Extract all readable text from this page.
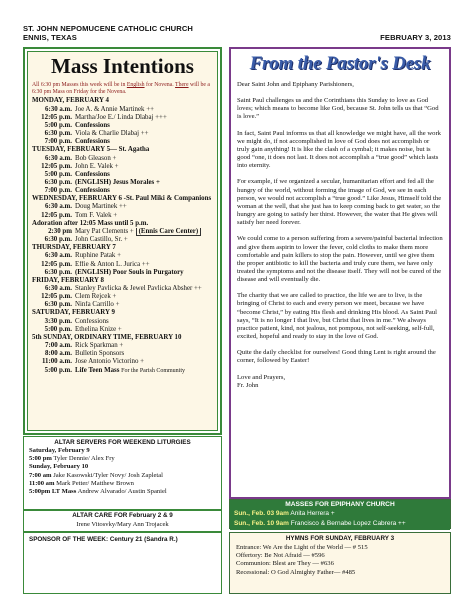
ST. JOHN NEPOMUCENE CATHOLIC CHURCH
ENNIS, TEXAS	FEBRUARY 3, 2013
Mass Intentions
All 6:30 pm Masses this week will be in English for Novena. There will be a 6:30 pm Mass on Friday for the Novena.
MONDAY, FEBRUARY 4
6:30 a.m. Joe A. & Annie Martinek ++
12:05 p.m. Martha/Joe E./ Linda Dlabaj +++
5:00 p.m. Confessions
6:30 p.m. Viola & Charlie Dlabaj ++
7:00 p.m. Confessions
TUESDAY, FEBRUARY 5— St. Agatha
6:30 a.m. Bob Gleason +
12:05 p.m. John E. Valek +
5:00 p.m. Confessions
6:30 p.m. (ENGLISH) Jesus Morales +
7:00 p.m. Confessions
WEDNESDAY, FEBRUARY 6 -St. Paul Miki & Companions
6:30 a.m. Doug Martinek ++
12:05 p.m. Tom F. Valek +
Adoration after 12:05 Mass until 5 p.m.
2:30 pm Mary Pat Clements + (Ennis Care Center)
6:30 p.m. John Castillo, Sr. +
THURSDAY, FEBRUARY 7
6:30 a.m. Ruphine Patak +
12:05 p.m. Effie & Anton L. Jurica ++
6:30 p.m. (ENGLISH) Poor Souls in Purgatory
FRIDAY, FEBRUARY 8
6:30 a.m. Stanley Pavlicka & Jewel Pavlicka Absher ++
12:05 p.m. Clem Rejcek +
6:30 p.m. Ninfa Carrillo +
SATURDAY, FEBRUARY 9
3:30 p.m. Confessions
5:00 p.m. Ethelina Knize +
5th SUNDAY, ORDINARY TIME, FEBRUARY 10
7:00 a.m. Rick Sparkman +
8:00 a.m. Bulletin Sponsors
11:00 a.m. Jose Antonio Victorino +
5:00 p.m. Life Teen Mass For the Parish Community
ALTAR SERVERS FOR WEEKEND LITURGIES
Saturday, February 9
5:00 pm Tyler Dennie/ Alex Fry
Sunday, February 10
7:00 am Jake Kasowski/Tyler Novy/ Josh Zapletal
11:00 am Mark Petter/ Matthew Brown
5:00pm LT Mass Andrew Alvarado/ Austin Spaniel
ALTAR CARE FOR February 2 & 9
Irene Vitosvky/Mary Ann Trojacek
SPONSOR OF THE WEEK: Century 21 (Sandra R.)
From the Pastor's Desk

Dear Saint John and Epiphany Parishioners,

Saint Paul challenges us and the Corinthians this Sunday to love as God loves; which means to become like God, because St. John tells us that “God is love.”

In fact, Saint Paul informs us that all knowledge we might have, all the work we might do, if not accomplished in love of God does not accomplish or truly gain anything! It is like the clash of a cymbal; it makes noise, but is good “one, it does not last. It does not accomplish a “true good” which lasts into eternity.

For example, if we organized a secular, humanitarian effort and fed all the hungry of the world, without forming the image of God, we see in each person, we would not accomplish a “true good.” Like Jesus, Himself told the woman at the well, that she just has to keep coming back to get water, so the hungry are going to satisfy her thirst. However, the water that He gives will satisfy her need forever.

We could come to a person suffering from a severe/painful bacterial infection and give them aspirin to lower the fever, cold cloths to make them more comfortable and pain killers to stop the pain. However, until we give them the proper antibiotic to kill the bacteria and truly cure them, we have only treated the symptoms and not the disease itself. They will not be cured of the disease and will eventually die.

The charity that we are called to practice, the life we are to live, is the bringing of Christ to each and every person we meet, because we have “become Christ,” by eating His flesh and drinking His blood. As Saint Paul says, “It is no longer I that live, but Christ that lives in me.” We always practice patient, kind, not jealous, not pompous, not self-seeking, self-full, excited, hopeful and ready to stay in the love of God.

Quite the daily checklist for ourselves! Good thing Lent is right around the corner, followed by Easter!

Love and Prayers,
Fr. John

MASSES FOR EPIPHANY CHURCH
Sun., Feb. 03 9am Anita Herrera +
Sun., Feb. 10 9am Francisco & Bernabe Lopez Cabrera ++
HYMNS FOR SUNDAY, FEBRUARY 3
Entrance: We Are the Light of the World — # 515
Offertory: Be Not Afraid — #596
Communion: Blest are They — #636
Recessional: O God Almighty Father— #485
